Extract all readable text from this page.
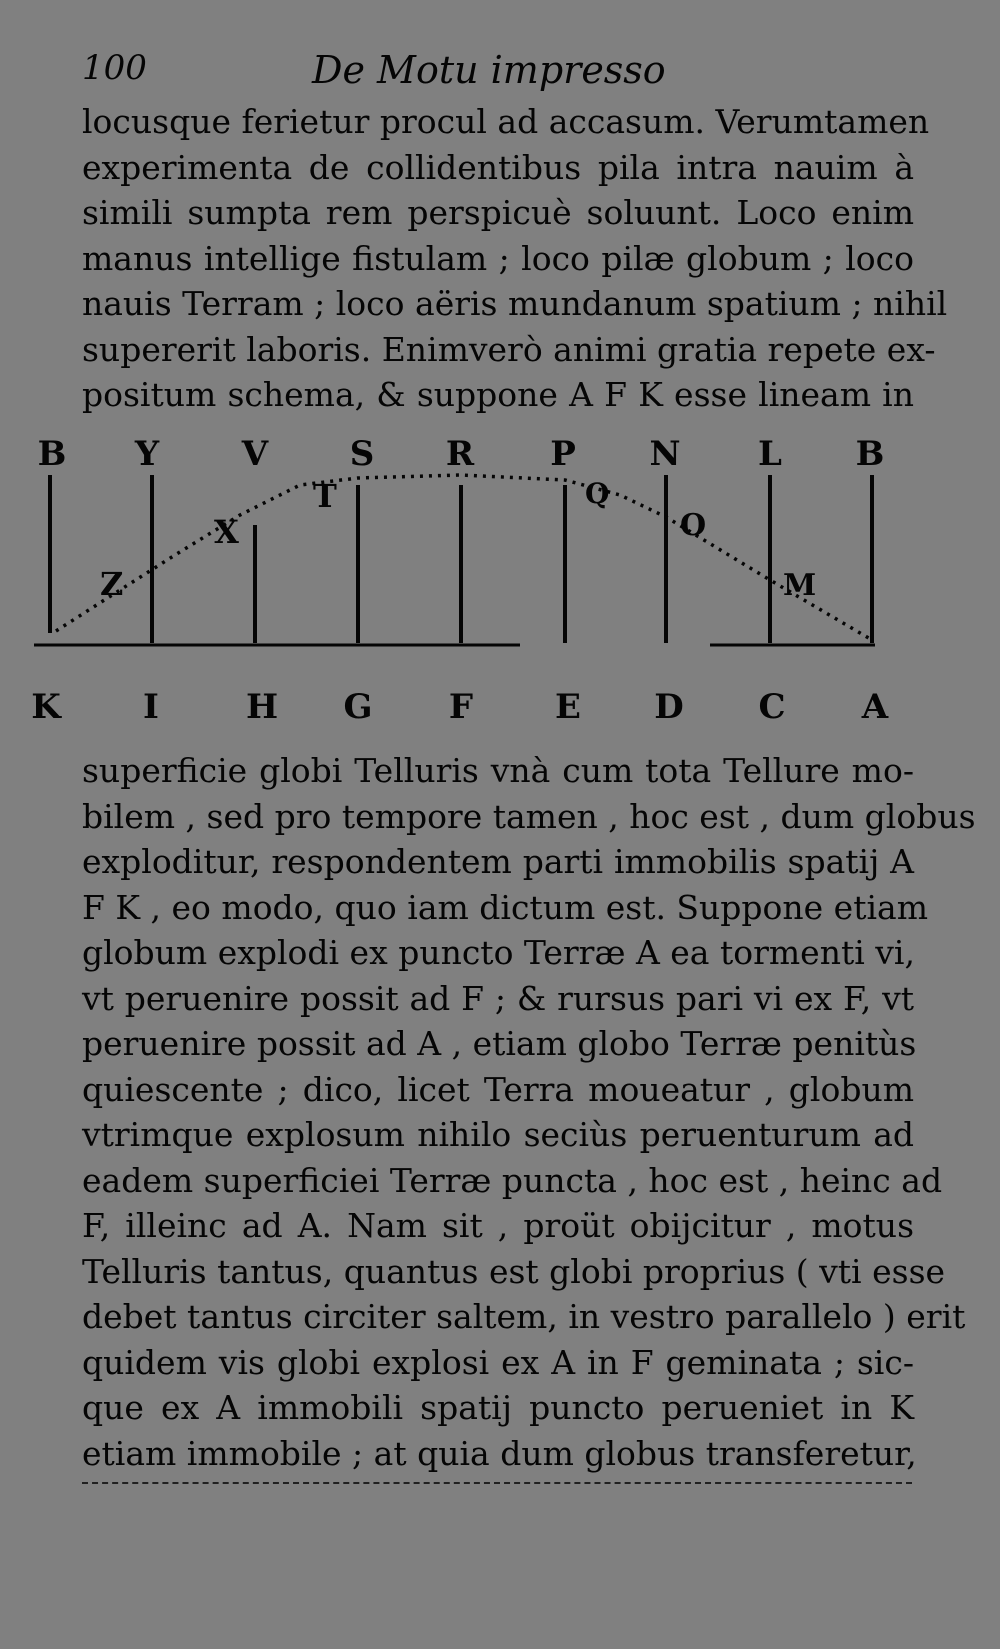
100	De Motu impresso
locusque ferietur procul ad accasum. Verumtamen
experimenta de collidentibus pila intra nauim à
simili sumpta rem perspicuè soluunt. Loco enim
manus intellige fistulam ; loco pilæ globum ; loco
nauis Terram ; loco aëris mundanum spatium ; nihil
supererit laboris. Enimverò animi gratia repete ex-
positum schema, & suppone A F K esse lineam in
B Y V S R P N L B
Z
X
T	Q
O
M
K I	H G F E D C A
superficie globi Telluris vnà cum tota Tellure mo-
bilem , sed pro tempore tamen , hoc est , dum globus
exploditur, respondentem parti immobilis spatij A
F K , eo modo, quo iam dictum est. Suppone etiam
globum explodi ex puncto Terræ A ea tormenti vi,
vt peruenire possit ad F ; & rursus pari vi ex F, vt
peruenire possit ad A , etiam globo Terræ penitùs
quiescente ; dico, licet Terra moueatur , globum
vtrimque explosum nihilo seciùs peruenturum ad
eadem superficiei Terræ puncta , hoc est , heinc ad
F, illeinc ad A. Nam sit , proüt obijcitur , motus
Telluris tantus, quantus est globi proprius ( vti esse
debet tantus circiter saltem, in vestro parallelo ) erit
quidem vis globi explosi ex A in F geminata ; sic-
que ex A immobili spatij puncto perueniet in K
etiam immobile ; at quia dum globus transferetur,
